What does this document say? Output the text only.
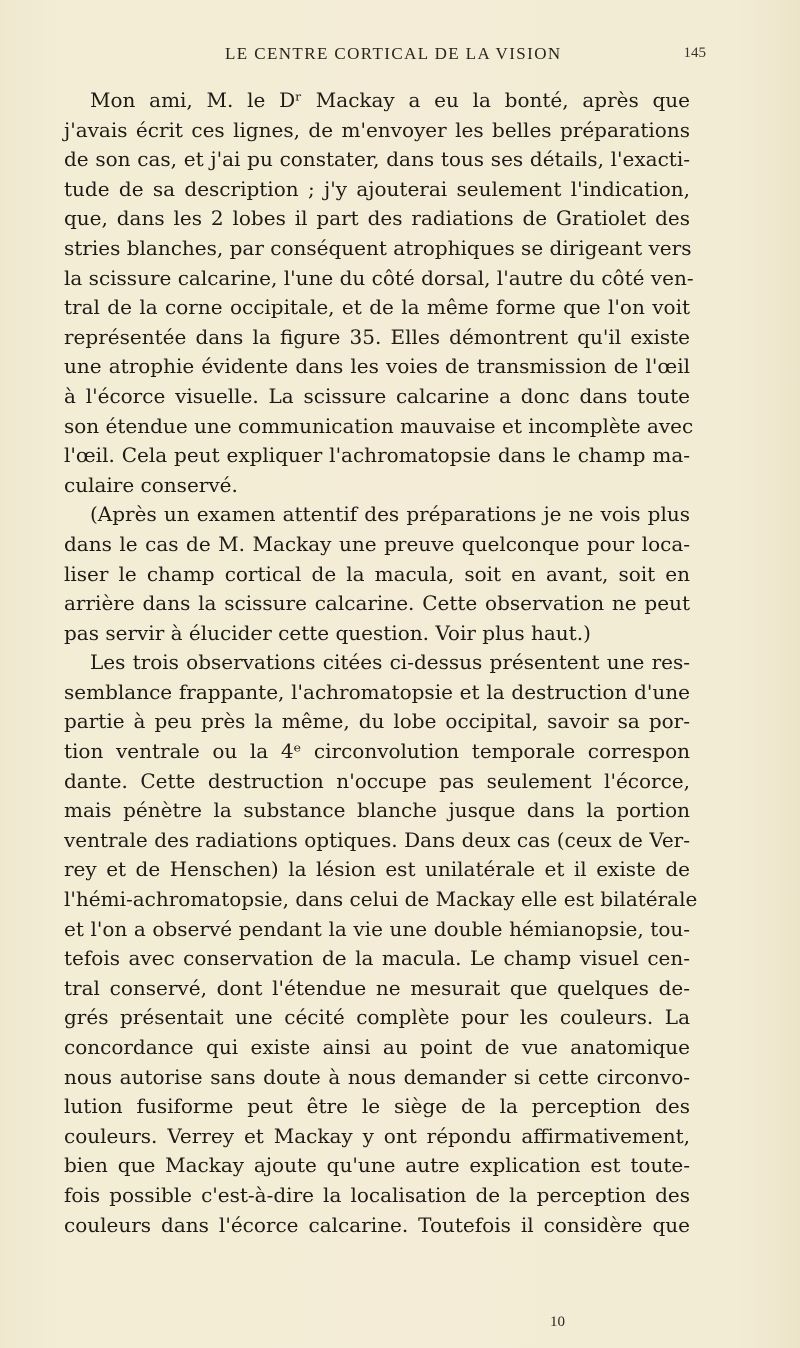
LE CENTRE CORTICAL DE LA VISION	145
Mon ami, M. le Dʳ Mackay a eu la bonté, après que
j'avais écrit ces lignes, de m'envoyer les belles préparations
de son cas, et j'ai pu constater, dans tous ses détails, l'exacti-
tude de sa description ; j'y ajouterai seulement l'indication,
que, dans les 2 lobes il part des radiations de Gratiolet des
stries blanches, par conséquent atrophiques se dirigeant vers
la scissure calcarine, l'une du côté dorsal, l'autre du côté ven-
tral de la corne occipitale, et de la même forme que l'on voit
représentée dans la figure 35. Elles démontrent qu'il existe
une atrophie évidente dans les voies de transmission de l'œil
à l'écorce visuelle. La scissure calcarine a donc dans toute
son étendue une communication mauvaise et incomplète avec
l'œil. Cela peut expliquer l'achromatopsie dans le champ ma-
culaire conservé.
(Après un examen attentif des préparations je ne vois plus
dans le cas de M. Mackay une preuve quelconque pour loca-
liser le champ cortical de la macula, soit en avant, soit en
arrière dans la scissure calcarine. Cette observation ne peut
pas servir à élucider cette question. Voir plus haut.)
Les trois observations citées ci-dessus présentent une res-
semblance frappante, l'achromatopsie et la destruction d'une
partie à peu près la même, du lobe occipital, savoir sa por-
tion ventrale ou la 4ᵉ circonvolution temporale correspon
dante. Cette destruction n'occupe pas seulement l'écorce,
mais pénètre la substance blanche jusque dans la portion
ventrale des radiations optiques. Dans deux cas (ceux de Ver-
rey et de Henschen) la lésion est unilatérale et il existe de
l'hémi-achromatopsie, dans celui de Mackay elle est bilatérale
et l'on a observé pendant la vie une double hémianopsie, tou-
tefois avec conservation de la macula. Le champ visuel cen-
tral conservé, dont l'étendue ne mesurait que quelques de-
grés présentait une cécité complète pour les couleurs. La
concordance qui existe ainsi au point de vue anatomique
nous autorise sans doute à nous demander si cette circonvo-
lution fusiforme peut être le siège de la perception des
couleurs. Verrey et Mackay y ont répondu affirmativement,
bien que Mackay ajoute qu'une autre explication est toute-
fois possible c'est-à-dire la localisation de la perception des
couleurs dans l'écorce calcarine. Toutefois il considère que
10
